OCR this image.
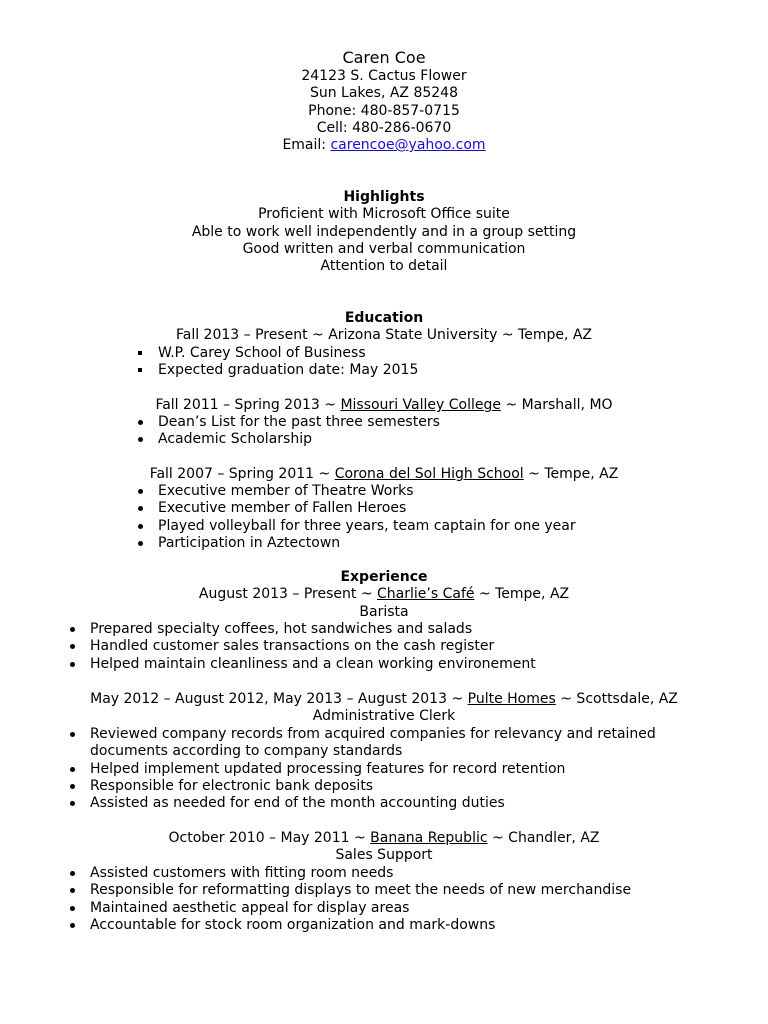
Caren Coe
24123 S. Cactus Flower
Sun Lakes, AZ 85248
Phone: 480-857-0715
Cell: 480-286-0670
Email: carencoe@yahoo.com
Highlights
Proficient with Microsoft Office suite
Able to work well independently and in a group setting
Good written and verbal communication
Attention to detail
Education
Fall 2013 – Present ~ Arizona State University ~ Tempe, AZ
W.P. Carey School of Business
Expected graduation date: May 2015
Fall 2011 – Spring 2013 ~ Missouri Valley College ~ Marshall, MO
Dean’s List for the past three semesters
Academic Scholarship
Fall 2007 – Spring 2011 ~ Corona del Sol High School ~ Tempe, AZ
Executive member of Theatre Works
Executive member of Fallen Heroes
Played volleyball for three years, team captain for one year
Participation in Aztectown
Experience
August 2013 – Present ~ Charlie’s Café ~ Tempe, AZ
Barista
Prepared specialty coffees, hot sandwiches and salads
Handled customer sales transactions on the cash register
Helped maintain cleanliness and a clean working environement
May 2012 – August 2012, May 2013 – August 2013 ~ Pulte Homes ~ Scottsdale, AZ
Administrative Clerk
Reviewed company records from acquired companies for relevancy and retained documents according to company standards
Helped implement updated processing features for record retention
Responsible for electronic bank deposits
Assisted as needed for end of the month accounting duties
October 2010 – May 2011 ~ Banana Republic ~ Chandler, AZ
Sales Support
Assisted customers with fitting room needs
Responsible for reformatting displays to meet the needs of new merchandise
Maintained aesthetic appeal for display areas
Accountable for stock room organization and mark-downs
